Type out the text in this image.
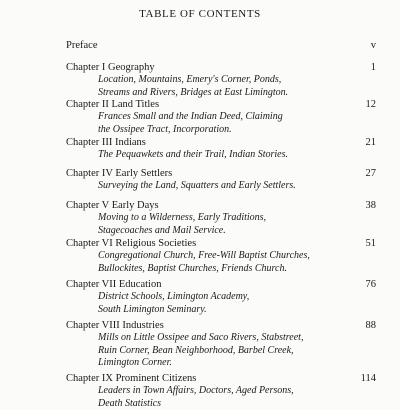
TABLE OF CONTENTS
Preface	v
Chapter I Geography	1
Location, Mountains, Emery's Corner, Ponds,
Streams and Rivers, Bridges at East Limington.
Chapter II Land Titles	12
Frances Small and the Indian Deed, Claiming
the Ossipee Tract, Incorporation.
Chapter III Indians	21
The Pequawkets and their Trail, Indian Stories.
Chapter IV Early Settlers	27
Surveying the Land, Squatters and Early Settlers.
Chapter V Early Days	38
Moving to a Wilderness, Early Traditions,
Stagecoaches and Mail Service.
Chapter VI Religious Societies	51
Congregational Church, Free-Will Baptist Churches,
Bullockites, Baptist Churches, Friends Church.
Chapter VII Education	76
District Schools, Limington Academy,
South Limington Seminary.
Chapter VIII Industries	88
Mills on Little Ossipee and Saco Rivers, Stabstreet,
Ruin Corner, Bean Neighborhood, Barbel Creek,
Limington Corner.
Chapter IX Prominent Citizens	114
Leaders in Town Affairs, Doctors, Aged Persons,
Death Statistics
